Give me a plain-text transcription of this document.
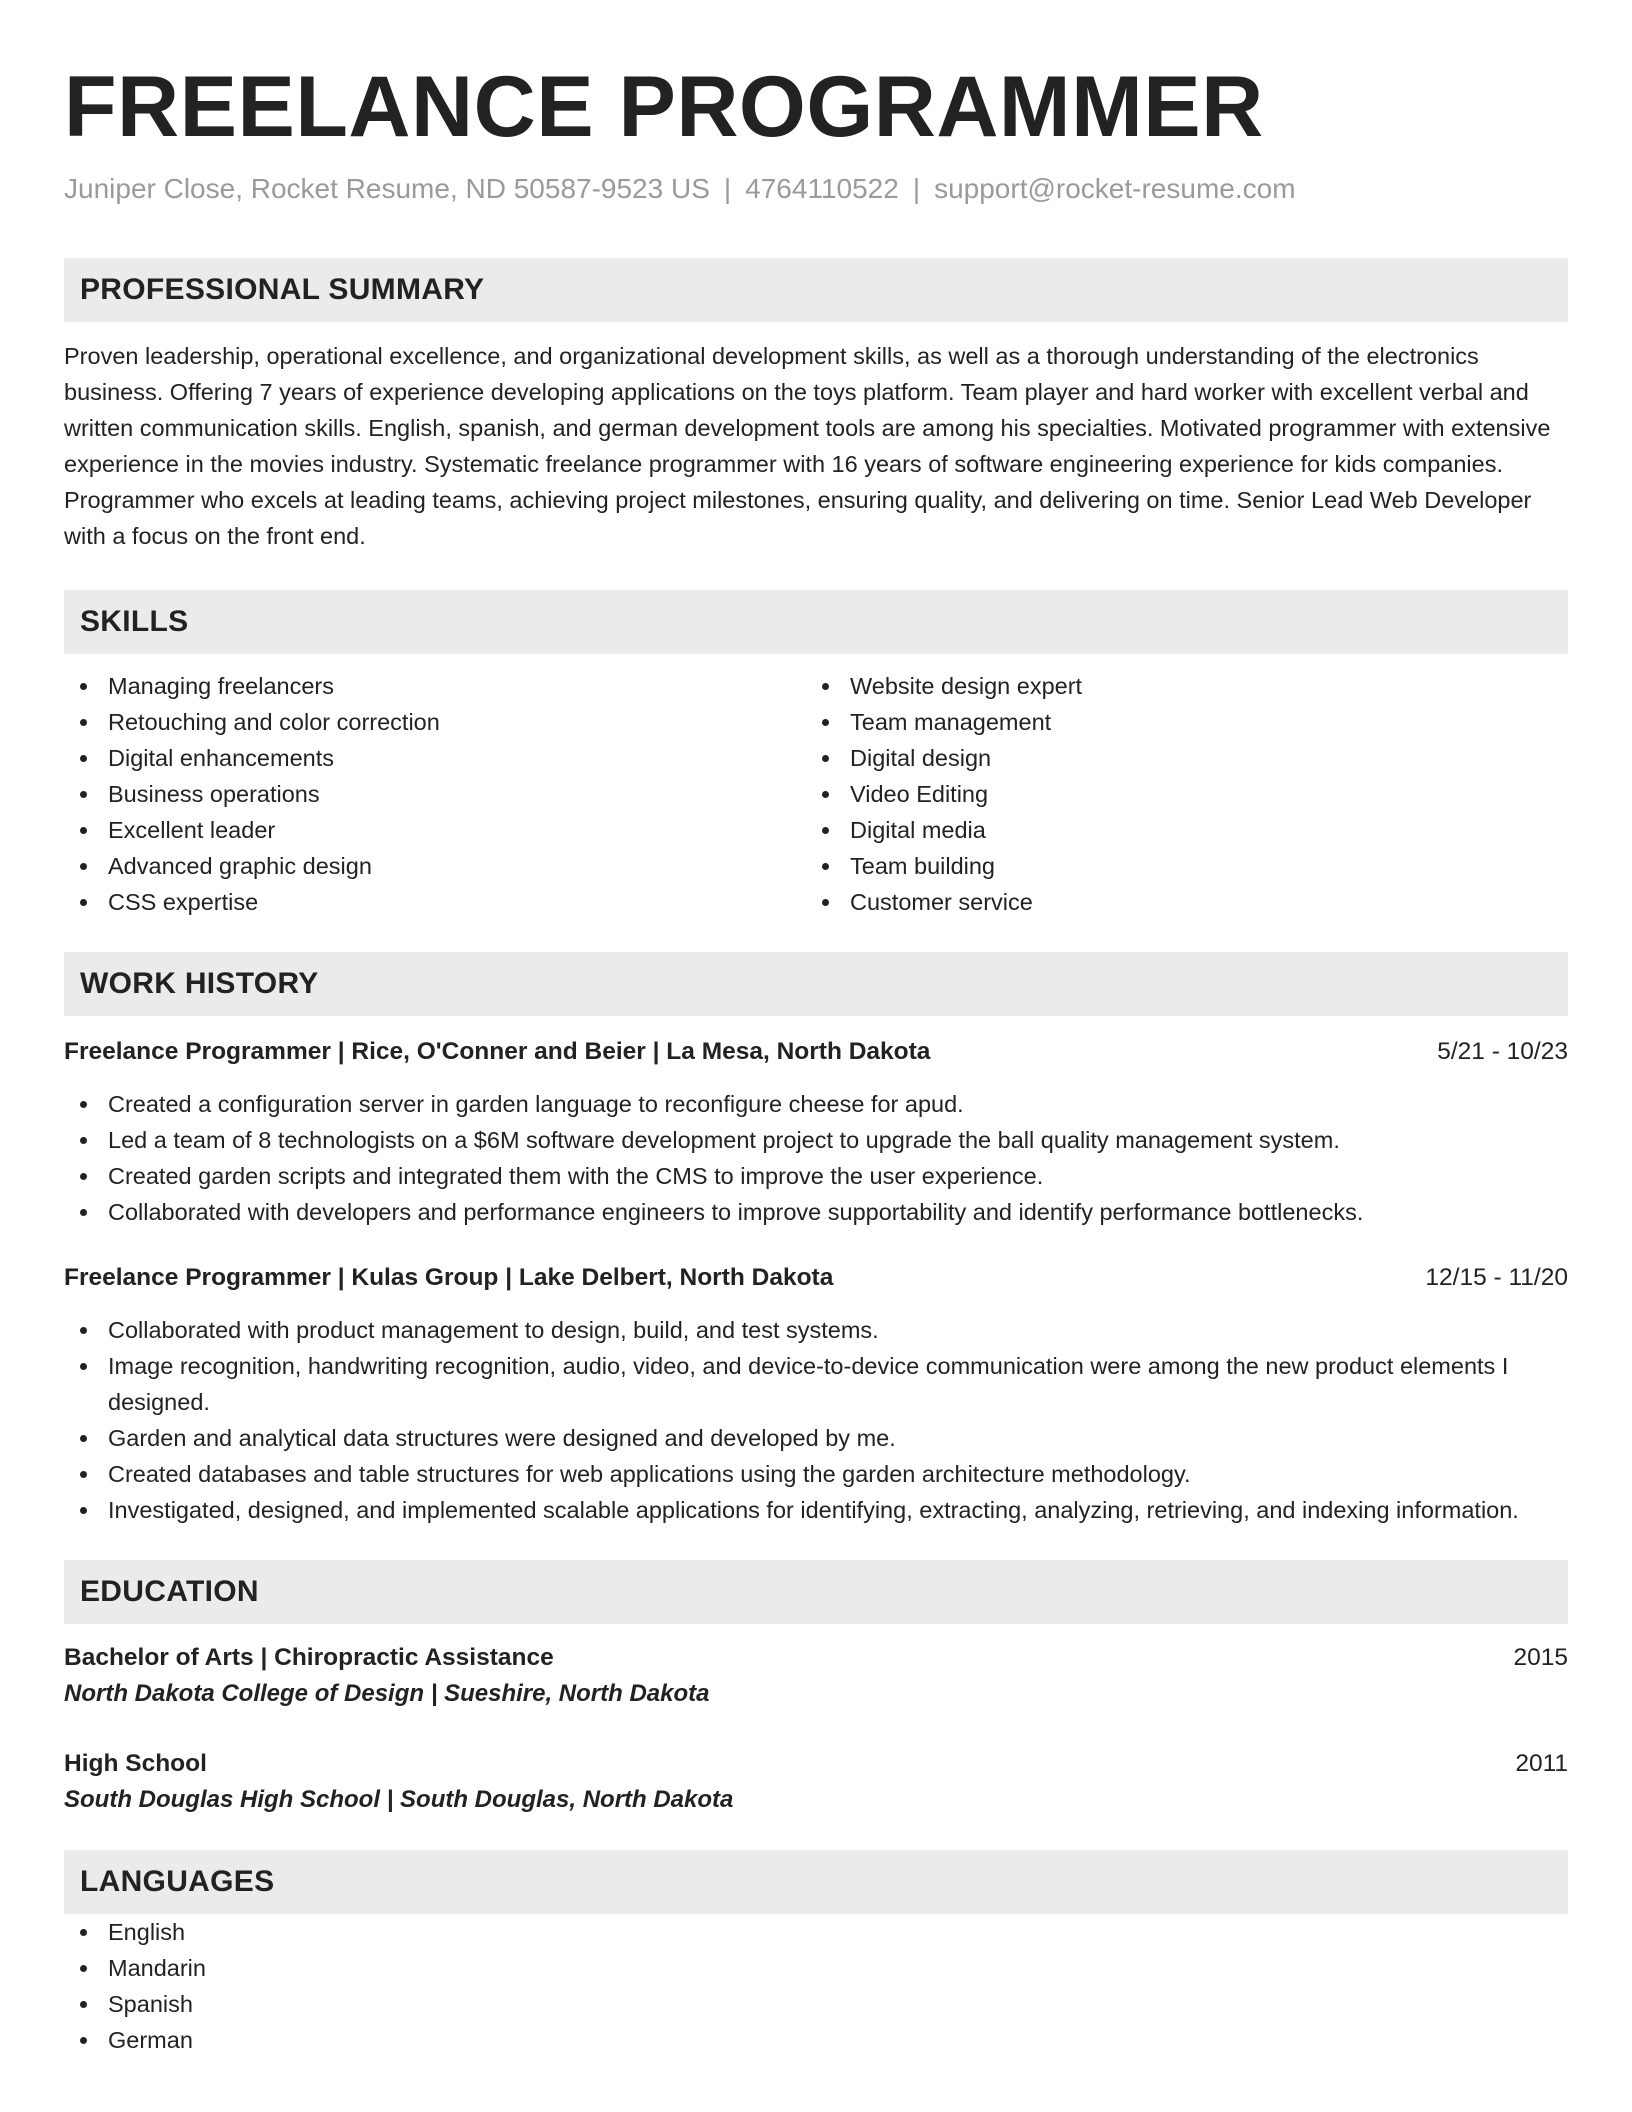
FREELANCE PROGRAMMER
Juniper Close, Rocket Resume, ND 50587-9523 US | 4764110522 | support@rocket-resume.com
PROFESSIONAL SUMMARY
Proven leadership, operational excellence, and organizational development skills, as well as a thorough understanding of the electronics business. Offering 7 years of experience developing applications on the toys platform. Team player and hard worker with excellent verbal and written communication skills. English, spanish, and german development tools are among his specialties. Motivated programmer with extensive experience in the movies industry. Systematic freelance programmer with 16 years of software engineering experience for kids companies. Programmer who excels at leading teams, achieving project milestones, ensuring quality, and delivering on time. Senior Lead Web Developer with a focus on the front end.
SKILLS
Managing freelancers
Retouching and color correction
Digital enhancements
Business operations
Excellent leader
Advanced graphic design
CSS expertise
Website design expert
Team management
Digital design
Video Editing
Digital media
Team building
Customer service
WORK HISTORY
Freelance Programmer | Rice, O'Conner and Beier | La Mesa, North Dakota	5/21 - 10/23
Created a configuration server in garden language to reconfigure cheese for apud.
Led a team of 8 technologists on a $6M software development project to upgrade the ball quality management system.
Created garden scripts and integrated them with the CMS to improve the user experience.
Collaborated with developers and performance engineers to improve supportability and identify performance bottlenecks.
Freelance Programmer | Kulas Group | Lake Delbert, North Dakota	12/15 - 11/20
Collaborated with product management to design, build, and test systems.
Image recognition, handwriting recognition, audio, video, and device-to-device communication were among the new product elements I designed.
Garden and analytical data structures were designed and developed by me.
Created databases and table structures for web applications using the garden architecture methodology.
Investigated, designed, and implemented scalable applications for identifying, extracting, analyzing, retrieving, and indexing information.
EDUCATION
Bachelor of Arts | Chiropractic Assistance	2015
North Dakota College of Design | Sueshire, North Dakota
High School	2011
South Douglas High School | South Douglas, North Dakota
LANGUAGES
English
Mandarin
Spanish
German
